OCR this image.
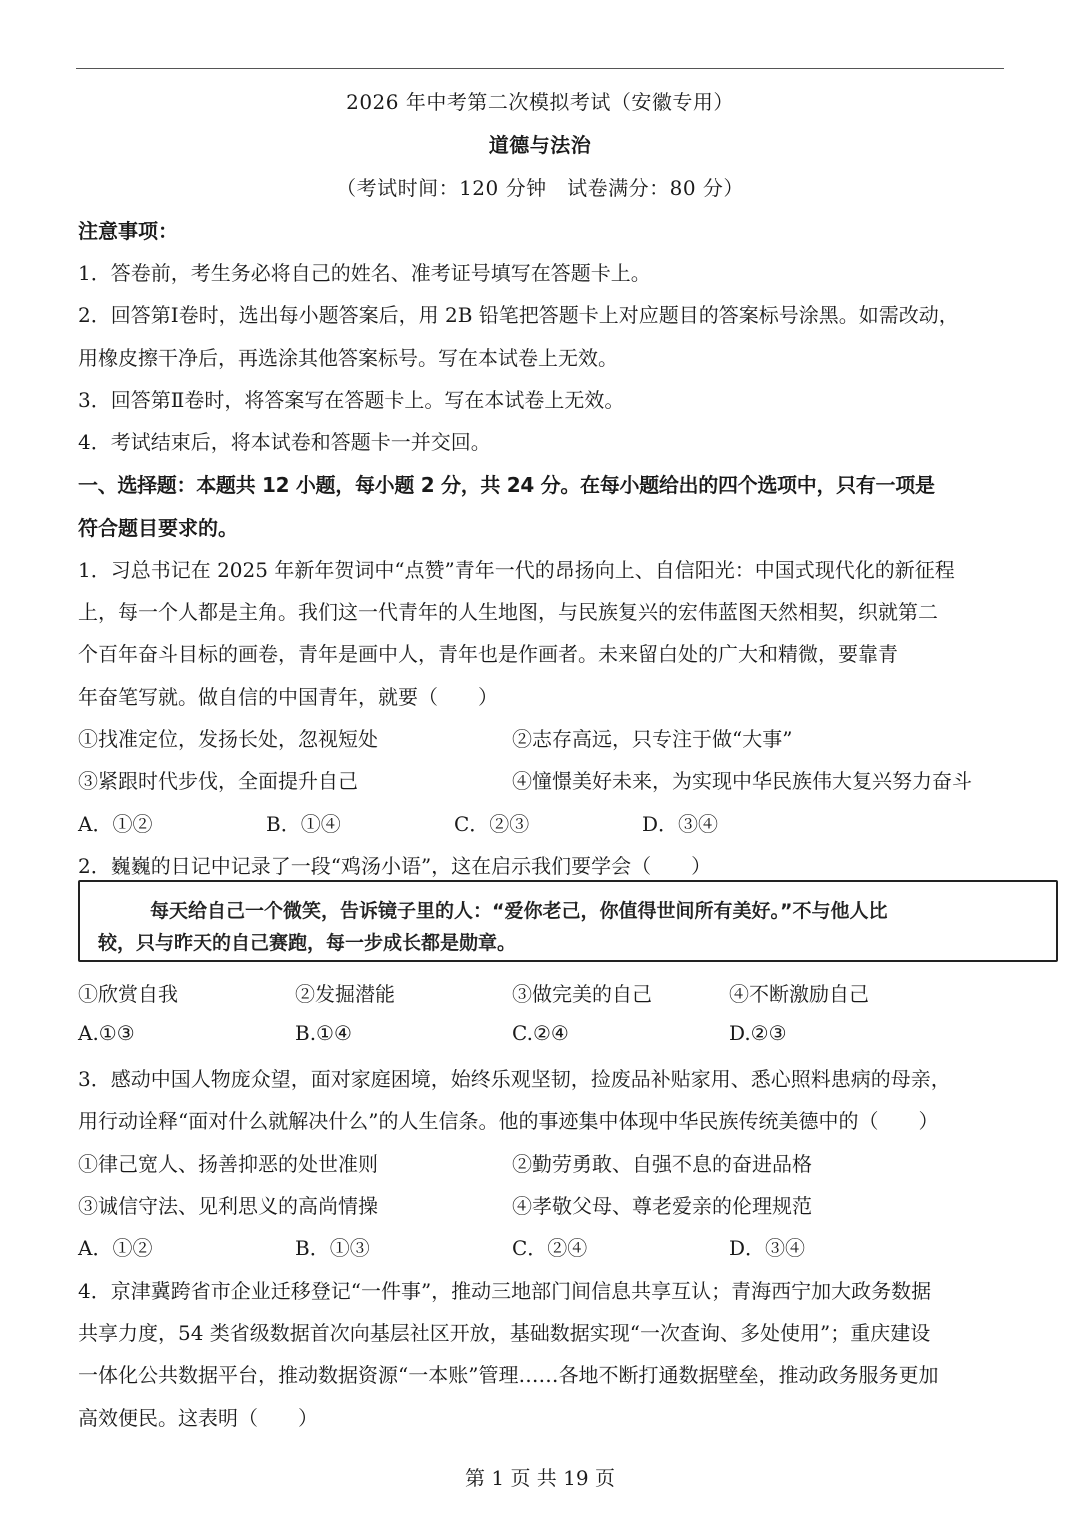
2026 年中考第二次模拟考试（安徽专用）
道德与法治
（考试时间：120 分钟　试卷满分：80 分）
注意事项：
1．答卷前，考生务必将自己的姓名、准考证号填写在答题卡上。
2．回答第Ⅰ卷时，选出每小题答案后，用 2B 铅笔把答题卡上对应题目的答案标号涂黑。如需改动，
用橡皮擦干净后，再选涂其他答案标号。写在本试卷上无效。
3．回答第Ⅱ卷时，将答案写在答题卡上。写在本试卷上无效。
4．考试结束后，将本试卷和答题卡一并交回。
一、选择题：本题共 12 小题，每小题 2 分，共 24 分。在每小题给出的四个选项中，只有一项是
符合题目要求的。
1．习总书记在 2025 年新年贺词中“点赞”青年一代的昂扬向上、自信阳光：中国式现代化的新征程
上，每一个人都是主角。我们这一代青年的人生地图，与民族复兴的宏伟蓝图天然相契，织就第二
个百年奋斗目标的画卷，青年是画中人，青年也是作画者。未来留白处的广大和精微，要靠青
年奋笔写就。做自信的中国青年，就要（　　）
①找准定位，发扬长处，忽视短处	②志存高远，只专注于做“大事”
③紧跟时代步伐，全面提升自己	④憧憬美好未来，为实现中华民族伟大复兴努力奋斗
A．①②	B．①④	C．②③	D．③④
2．巍巍的日记中记录了一段“鸡汤小语”，这在启示我们要学会（　　）
每天给自己一个微笑，告诉镜子里的人：“爱你老己，你值得世间所有美好。”不与他人比
较，只与昨天的自己赛跑，每一步成长都是勋章。
①欣赏自我	②发掘潜能	③做完美的自己	④不断激励自己
A.①③	B.①④	C.②④	D.②③
3．感动中国人物庞众望，面对家庭困境，始终乐观坚韧，捡废品补贴家用、悉心照料患病的母亲，
用行动诠释“面对什么就解决什么”的人生信条。他的事迹集中体现中华民族传统美德中的（　　）
①律己宽人、扬善抑恶的处世准则	②勤劳勇敢、自强不息的奋进品格
③诚信守法、见利思义的高尚情操	④孝敬父母、尊老爱亲的伦理规范
A．①②	B．①③	C．②④	D．③④
4．京津冀跨省市企业迁移登记“一件事”，推动三地部门间信息共享互认；青海西宁加大政务数据
共享力度，54 类省级数据首次向基层社区开放，基础数据实现“一次查询、多处使用”；重庆建设
一体化公共数据平台，推动数据资源“一本账”管理……各地不断打通数据壁垒，推动政务服务更加
高效便民。这表明（　　）
第 1 页 共 19 页
